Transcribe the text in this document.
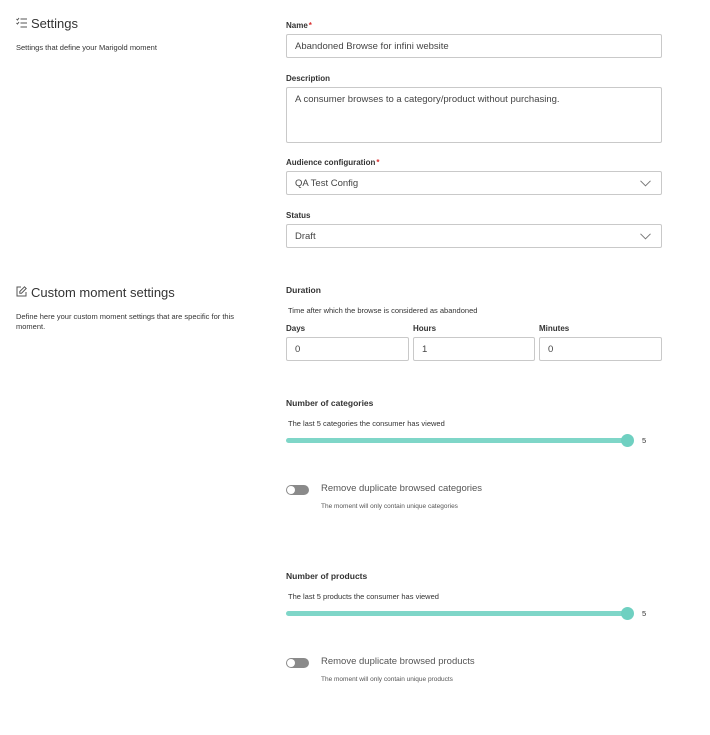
Settings
Settings that define your Marigold moment
Name*
Abandoned Browse for infini website
Description
A consumer browses to a category/product without purchasing.
Audience configuration*
QA Test Config
Status
Draft
Custom moment settings
Define here your custom moment settings that are specific for this moment.
Duration
Time after which the browse is considered as abandoned
Days
0
Hours
1
Minutes
0
Number of categories
The last 5 categories the consumer has viewed
5
Remove duplicate browsed categories
The moment will only contain unique categories
Number of products
The last 5 products the consumer has viewed
5
Remove duplicate browsed products
The moment will only contain unique products
